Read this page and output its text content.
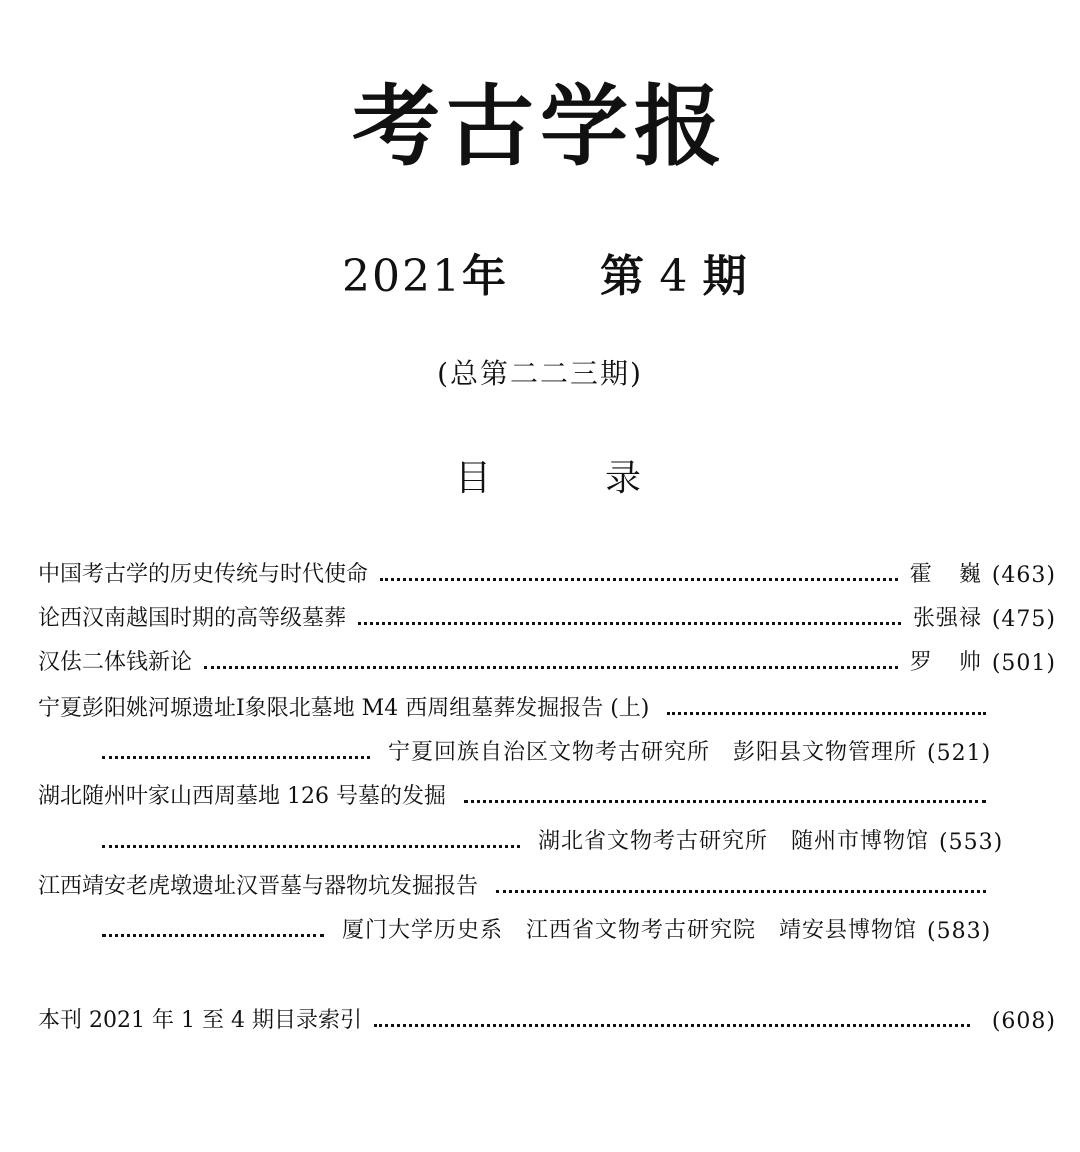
考古学报
2021年 第 4 期
(总第二二三期)
目	录
中国考古学的历史传统与时代使命	霍 巍 (463)
论西汉南越国时期的高等级墓葬	张强禄 (475)
汉佉二体钱新论	罗 帅 (501)
宁夏彭阳姚河塬遗址Ⅰ象限北墓地 M4 西周组墓葬发掘报告 (上)
宁夏回族自治区文物考古研究所　彭阳县文物管理所 (521)
湖北随州叶家山西周墓地 126 号墓的发掘
湖北省文物考古研究所　随州市博物馆 (553)
江西靖安老虎墩遗址汉晋墓与器物坑发掘报告
厦门大学历史系　江西省文物考古研究院　靖安县博物馆 (583)
本刊 2021 年 1 至 4 期目录索引	(608)
